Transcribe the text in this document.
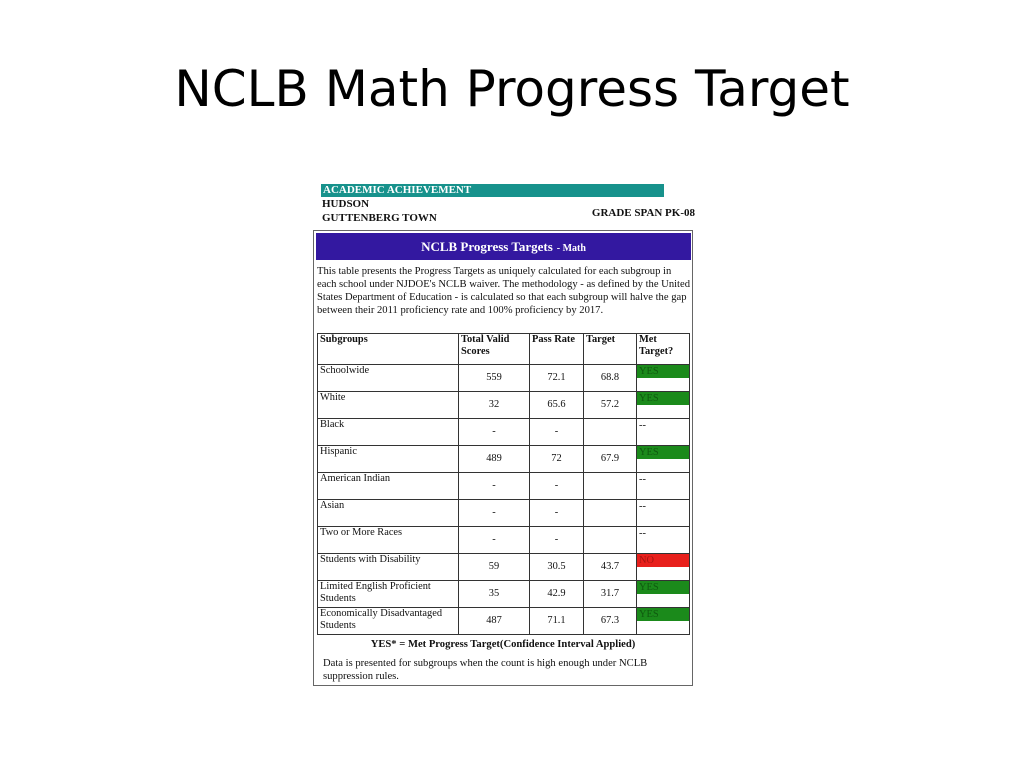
NCLB Math Progress Target
ACADEMIC ACHIEVEMENT
HUDSON
GUTTENBERG TOWN	GRADE SPAN PK-08
NCLB Progress Targets - Math
This table presents the Progress Targets as uniquely calculated for each subgroup in each school under NJDOE's NCLB waiver. The methodology - as defined by the United States Department of Education - is calculated so that each subgroup will halve the gap between their 2011 proficiency rate and 100% proficiency by 2017.
Subgroups	Total Valid Scores	Pass Rate	Target	Met Target?
Schoolwide	559	72.1	68.8	YES

White	32	65.6	57.2	YES

Black	-	-		--

Hispanic	489	72	67.9	YES

American Indian	-	-		--

Asian	-	-		--

Two or More Races	-	-		--

Students with Disability	59	30.5	43.7	NO

Limited English Proficient Students	35	42.9	31.7	YES

Economically Disadvantaged Students	487	71.1	67.3	YES
YES* = Met Progress Target(Confidence Interval Applied)
Data is presented for subgroups when the count is high enough under NCLB suppression rules.
